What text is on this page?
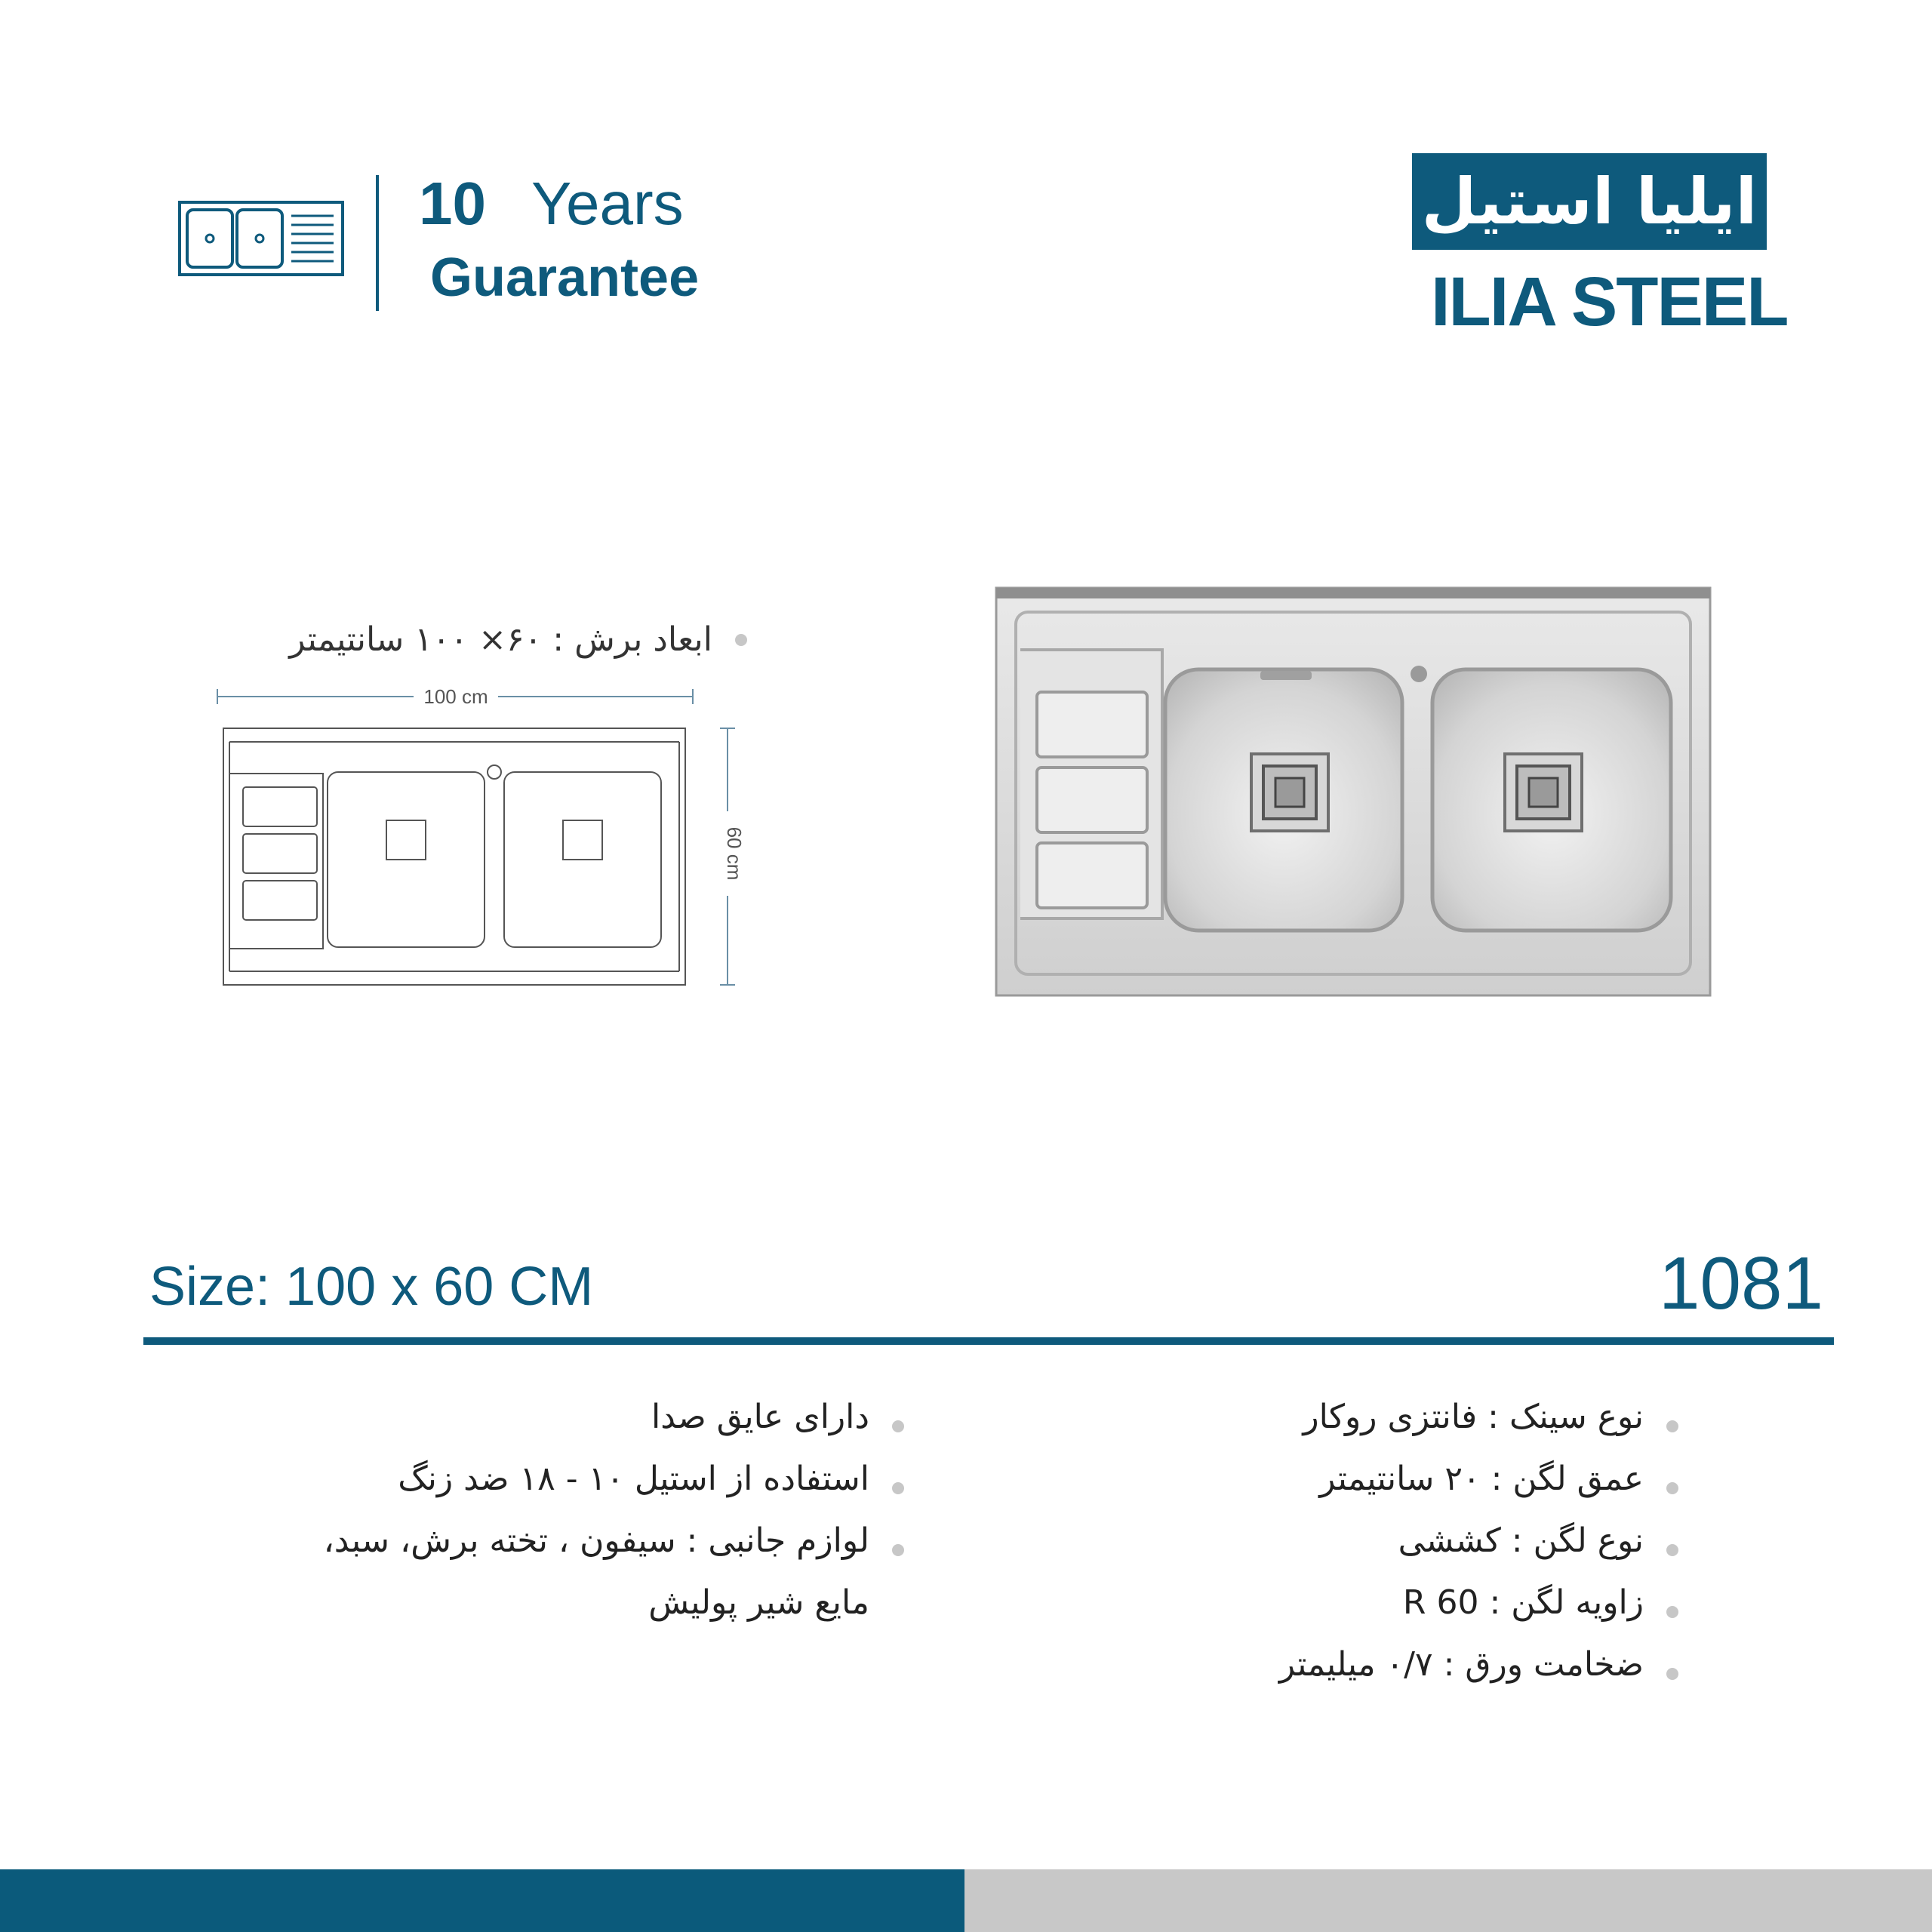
10 Years
Guarantee
ایلیا استیل
ILIA STEEL
ابعاد برش : ۶۰× ۱۰۰ سانتیمتر
100 cm
60 cm
Size: 100 x 60 CM	1081
نوع سینک : فانتزی روکار
عمق لگن : ۲۰ سانتیمتر
نوع لگن : کششی
زاویه لگن : R 60
ضخامت ورق : ۰/۷ میلیمتر
دارای عایق صدا
استفاده از استیل ۱۰ - ۱۸ ضد زنگ
لوازم جانبی : سیفون ، تخته برش، سبد،
مایع شیر پولیش
